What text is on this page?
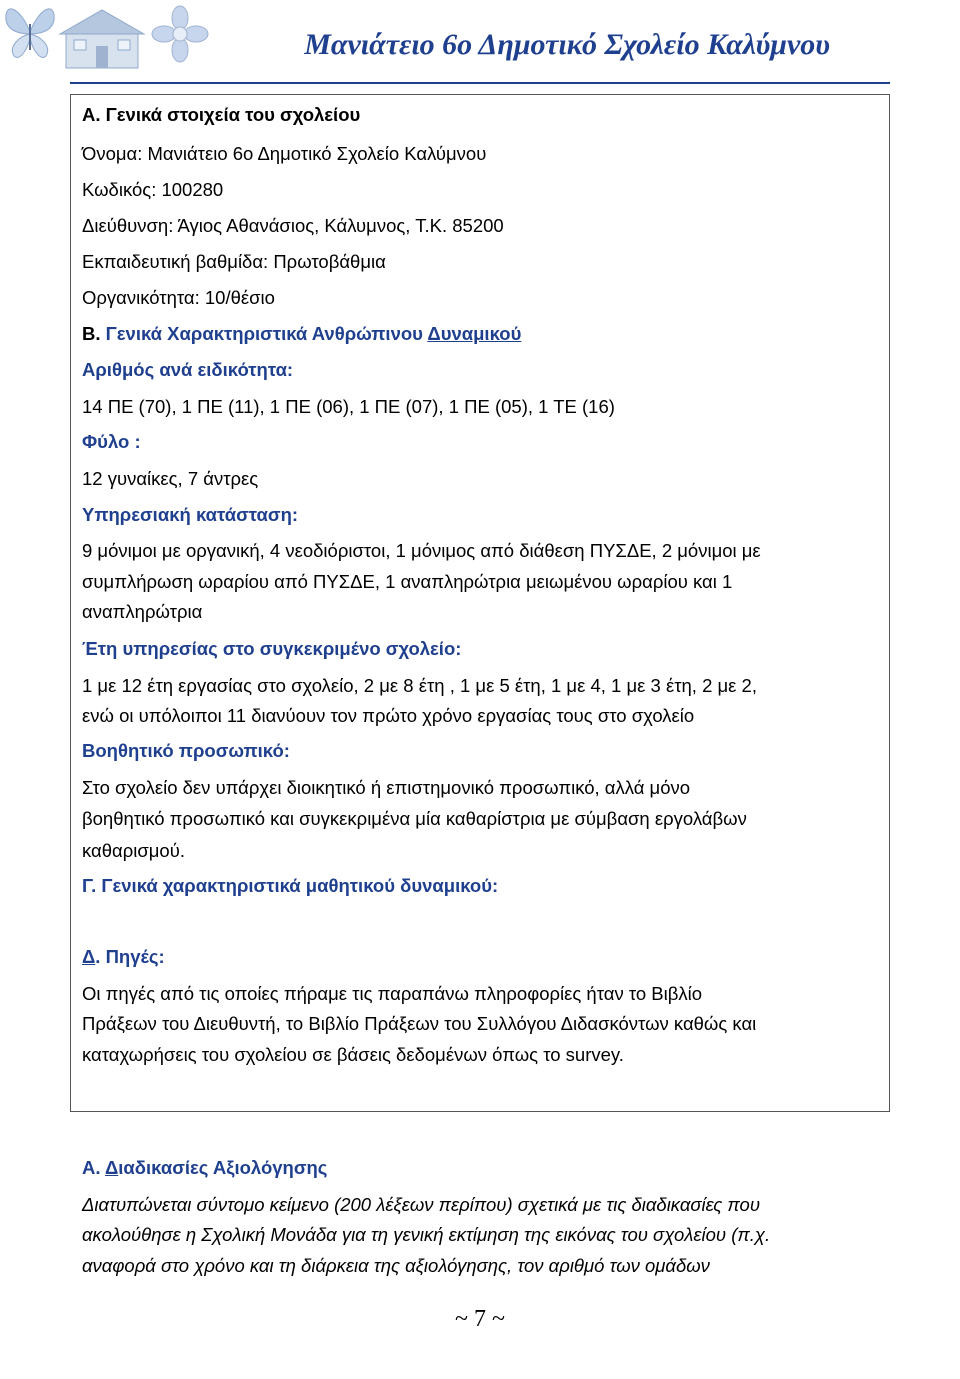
Μανιάτειο 6ο Δημοτικό Σχολείο Καλύμνου
Α. Γενικά στοιχεία του σχολείου
Όνομα: Μανιάτειο 6ο Δημοτικό Σχολείο Καλύμνου
Κωδικός: 100280
Διεύθυνση: Άγιος Αθανάσιος, Κάλυμνος, Τ.Κ. 85200
Εκπαιδευτική βαθμίδα: Πρωτοβάθμια
Οργανικότητα: 10/θέσιο
Β. Γενικά Χαρακτηριστικά Ανθρώπινου Δυναμικού
Αριθμός ανά ειδικότητα:
14 ΠΕ (70), 1 ΠΕ (11), 1 ΠΕ (06), 1 ΠΕ (07), 1 ΠΕ (05), 1 ΤΕ (16)
Φύλο :
12 γυναίκες, 7 άντρες
Υπηρεσιακή κατάσταση:
9 μόνιμοι με οργανική, 4 νεοδιόριστοι, 1 μόνιμος από διάθεση ΠΥΣΔΕ, 2 μόνιμοι με
συμπλήρωση ωραρίου από ΠΥΣΔΕ, 1 αναπληρώτρια μειωμένου ωραρίου και 1
αναπληρώτρια
Έτη υπηρεσίας στο συγκεκριμένο σχολείο:
1 με 12 έτη εργασίας στο σχολείο, 2 με 8 έτη , 1 με 5 έτη, 1 με 4, 1 με 3 έτη, 2 με 2,
ενώ οι υπόλοιποι 11 διανύουν τον πρώτο χρόνο εργασίας τους στο σχολείο
Βοηθητικό προσωπικό:
Στο σχολείο δεν υπάρχει διοικητικό ή επιστημονικό προσωπικό, αλλά μόνο
βοηθητικό προσωπικό και συγκεκριμένα μία καθαρίστρια με σύμβαση εργολάβων
καθαρισμού.
Γ. Γενικά χαρακτηριστικά μαθητικού δυναμικού:
Δ. Πηγές:
Οι πηγές από τις οποίες πήραμε τις παραπάνω πληροφορίες ήταν το Βιβλίο
Πράξεων του Διευθυντή, το Βιβλίο Πράξεων του Συλλόγου Διδασκόντων καθώς και
καταχωρήσεις του σχολείου σε βάσεις δεδομένων όπως το survey.
Α. Διαδικασίες Αξιολόγησης
Διατυπώνεται σύντομο κείμενο (200 λέξεων περίπου) σχετικά με τις διαδικασίες που
ακολούθησε η Σχολική Μονάδα για τη γενική εκτίμηση της εικόνας του σχολείου (π.χ.
αναφορά στο χρόνο και τη διάρκεια της αξιολόγησης, τον αριθμό των ομάδων
~ 7 ~
